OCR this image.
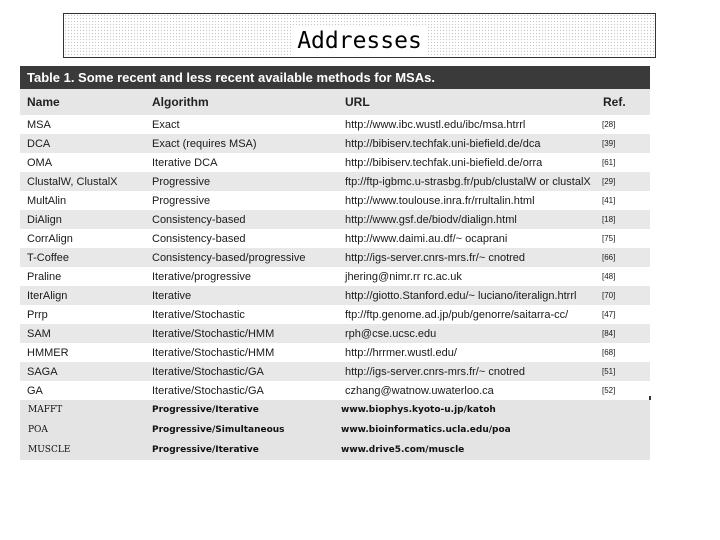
Addresses
Table 1. Some recent and less recent available methods for MSAs.
Name	Algorithm	URL	Ref.
MSA	Exact	http://www.ibc.wustl.edu/ibc/msa.htrrl	[28]
DCA	Exact (requires MSA)	http://bibiserv.techfak.uni-biefield.de/dca	[39]
OMA	Iterative DCA	http://bibiserv.techfak.uni-biefield.de/orra	[61]
ClustalW, ClustalX	Progressive	ftp://ftp-igbmc.u-strasbg.fr/pub/clustalW or clustalX	[29]
MultAlin	Progressive	http://www.toulouse.inra.fr/rrultalin.html	[41]
DiAlign	Consistency-based	http://www.gsf.de/biodv/dialign.html	[18]
CorrAlign	Consistency-based	http://www.daimi.au.df/~ ocaprani	[75]
T-Coffee	Consistency-based/progressive	http://igs-server.cnrs-mrs.fr/~ cnotred	[66]
Praline	Iterative/progressive	jhering@nimr.rr rc.ac.uk	[48]
IterAlign	Iterative	http://giotto.Stanford.edu/~ luciano/iteralign.htrrl	[70]
Prrp	Iterative/Stochastic	ftp://ftp.genome.ad.jp/pub/genorre/saitarra-cc/	[47]
SAM	Iterative/Stochastic/HMM	rph@cse.ucsc.edu	[84]
HMMER	Iterative/Stochastic/HMM	http://hrrmer.wustl.edu/	[68]
SAGA	Iterative/Stochastic/GA	http://igs-server.cnrs-mrs.fr/~ cnotred	[51]
GA	Iterative/Stochastic/GA	czhang@watnow.uwaterloo.ca	[52]
MAFFT	Progressive/Iterative	www.biophys.kyoto-u.jp/katoh
POA	Progressive/Simultaneous	www.bioinformatics.ucla.edu/poa
MUSCLE	Progressive/Iterative	www.drive5.com/muscle
